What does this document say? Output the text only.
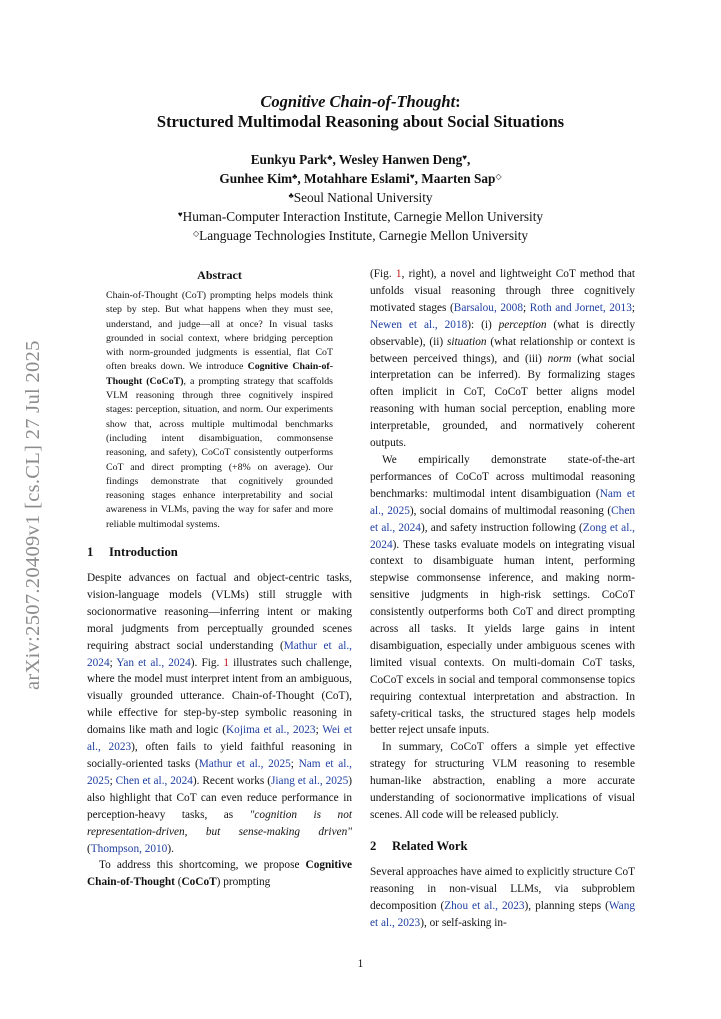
arXiv:2507.20409v1 [cs.CL] 27 Jul 2025
Cognitive Chain-of-Thought:
Structured Multimodal Reasoning about Social Situations
Eunkyu Park♣, Wesley Hanwen Deng♥,
Gunhee Kim♣, Motahhare Eslami♥, Maarten Sap◇
♣Seoul National University
♥Human-Computer Interaction Institute, Carnegie Mellon University
◇Language Technologies Institute, Carnegie Mellon University
Abstract
Chain-of-Thought (CoT) prompting helps models think step by step. But what happens when they must see, understand, and judge—all at once? In visual tasks grounded in social context, where bridging perception with norm-grounded judgments is essential, flat CoT often breaks down. We introduce Cognitive Chain-of-Thought (CoCoT), a prompting strategy that scaffolds VLM reasoning through three cognitively inspired stages: perception, situation, and norm. Our experiments show that, across multiple multimodal benchmarks (including intent disambiguation, commonsense reasoning, and safety), CoCoT consistently outperforms CoT and direct prompting (+8% on average). Our findings demonstrate that cognitively grounded reasoning stages enhance interpretability and social awareness in VLMs, paving the way for safer and more reliable multimodal systems.
1 Introduction

Despite advances on factual and object-centric tasks, vision-language models (VLMs) still struggle with socionormative reasoning—inferring intent or making moral judgments from perceptually grounded scenes requiring abstract social understanding (Mathur et al., 2024; Yan et al., 2024). Fig. 1 illustrates such challenge, where the model must interpret intent from an ambiguous, visually grounded utterance. Chain-of-Thought (CoT), while effective for step-by-step symbolic reasoning in domains like math and logic (Kojima et al., 2023; Wei et al., 2023), often fails to yield faithful reasoning in socially-oriented tasks (Mathur et al., 2025; Nam et al., 2025; Chen et al., 2024). Recent works (Jiang et al., 2025) also highlight that CoT can even reduce performance in perception-heavy tasks, as "cognition is not representation-driven, but sense-making driven" (Thompson, 2010).

To address this shortcoming, we propose Cognitive Chain-of-Thought (CoCoT) prompting

(Fig. 1, right), a novel and lightweight CoT method that unfolds visual reasoning through three cognitively motivated stages (Barsalou, 2008; Roth and Jornet, 2013; Newen et al., 2018): (i) perception (what is directly observable), (ii) situation (what relationship or context is between perceived things), and (iii) norm (what social interpretation can be inferred). By formalizing stages often implicit in CoT, CoCoT better aligns model reasoning with human social perception, enabling more interpretable, grounded, and normatively coherent outputs.

We empirically demonstrate state-of-the-art performances of CoCoT across multimodal reasoning benchmarks: multimodal intent disambiguation (Nam et al., 2025), social domains of multimodal reasoning (Chen et al., 2024), and safety instruction following (Zong et al., 2024). These tasks evaluate models on integrating visual context to disambiguate human intent, performing stepwise commonsense inference, and making norm-sensitive judgments in high-risk settings. CoCoT consistently outperforms both CoT and direct prompting across all tasks. It yields large gains in intent disambiguation, especially under ambiguous scenes with limited visual contexts. On multi-domain CoT tasks, CoCoT excels in social and temporal commonsense topics requiring contextual interpretation and abstraction. In safety-critical tasks, the structured stages help models better reject unsafe inputs.

In summary, CoCoT offers a simple yet effective strategy for structuring VLM reasoning to resemble human-like abstraction, enabling a more accurate understanding of socionormative implications of visual scenes. All code will be released publicly.

2 Related Work

Several approaches have aimed to explicitly structure CoT reasoning in non-visual LLMs, via subproblem decomposition (Zhou et al., 2023), planning steps (Wang et al., 2023), or self-asking in-

1
